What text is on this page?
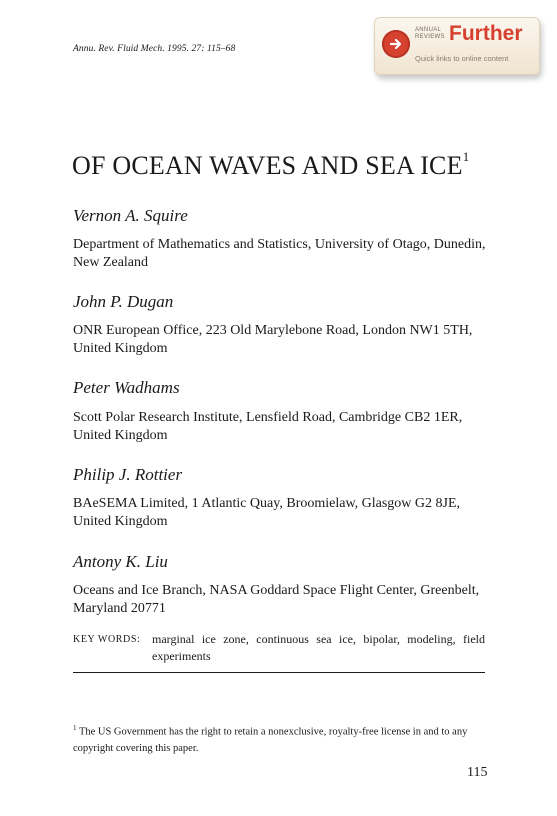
Annu. Rev. Fluid Mech. 1995. 27: 115–68
ANNUAL
REVIEWS Further
Quick links to online content
OF OCEAN WAVES AND SEA ICE$^1$
Vernon A. Squire
Department of Mathematics and Statistics, University of Otago, Dunedin, New Zealand
John P. Dugan
ONR European Office, 223 Old Marylebone Road, London NW1 5TH, United Kingdom
Peter Wadhams
Scott Polar Research Institute, Lensfield Road, Cambridge CB2 1ER, United Kingdom
Philip J. Rottier
BAeSEMA Limited, 1 Atlantic Quay, Broomielaw, Glasgow G2 8JE, United Kingdom
Antony K. Liu
Oceans and Ice Branch, NASA Goddard Space Flight Center, Greenbelt, Maryland 20771
KEY WORDS: marginal ice zone, continuous sea ice, bipolar, modeling, field experiments
$^1$ The US Government has the right to retain a nonexclusive, royalty-free license in and to any copyright covering this paper.
115
